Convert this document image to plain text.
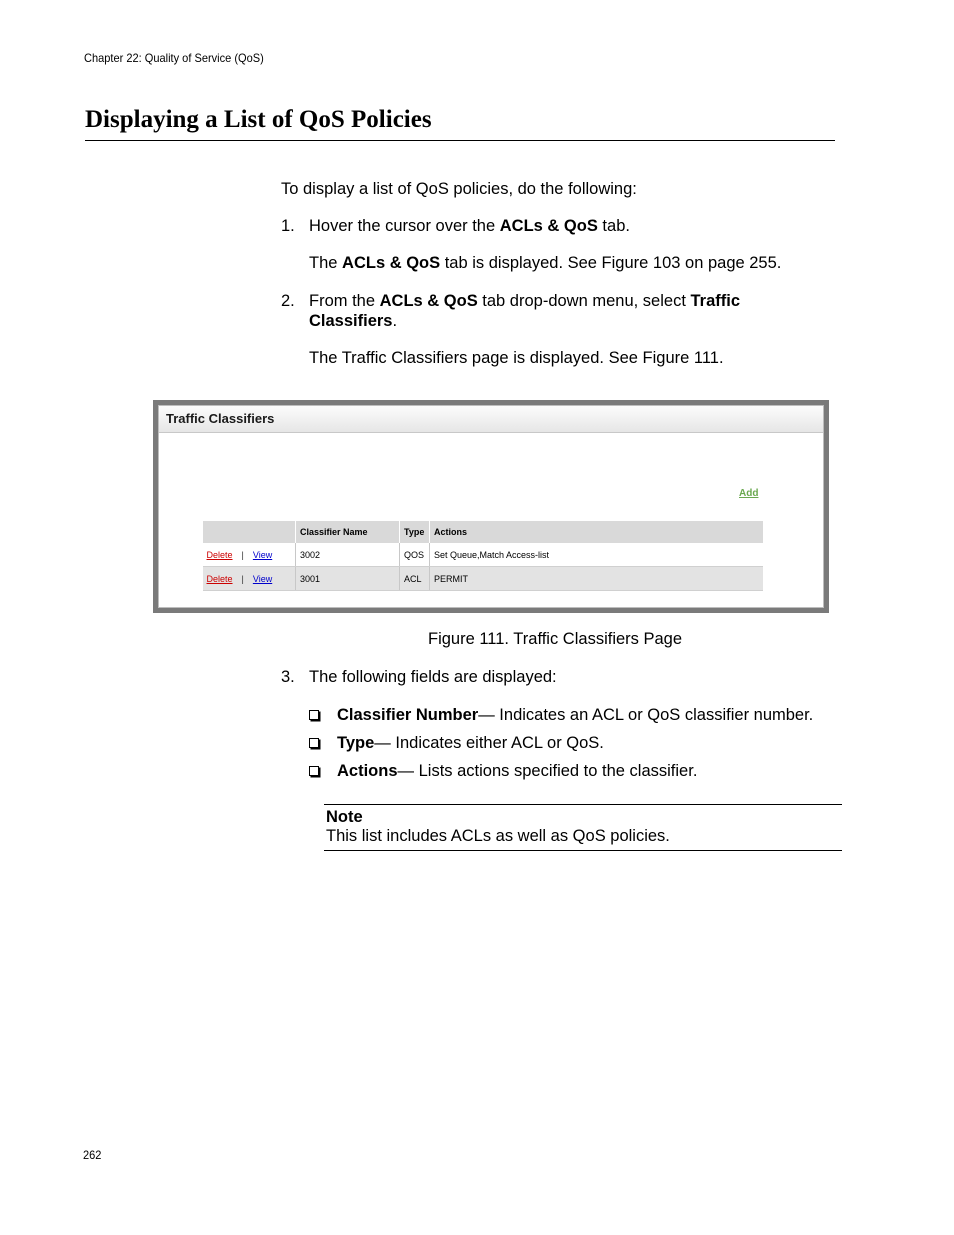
Chapter 22: Quality of Service (QoS)
Displaying a List of QoS Policies
To display a list of QoS policies, do the following:
1. Hover the cursor over the ACLs & QoS tab.
The ACLs & QoS tab is displayed. See Figure 103 on page 255.
2. From the ACLs & QoS tab drop-down menu, select Traffic
Classifiers.
The Traffic Classifiers page is displayed. See Figure 111.
Traffic Classifiers
Add
	Classifier Name	Type	Actions
Delete | View	3002	QOS	Set Queue,Match Access-list
Delete | View	3001	ACL	PERMIT
Figure 111. Traffic Classifiers Page
3. The following fields are displayed:
Classifier Number— Indicates an ACL or QoS classifier number.
Type— Indicates either ACL or QoS.
Actions— Lists actions specified to the classifier.
Note
This list includes ACLs as well as QoS policies.
262
